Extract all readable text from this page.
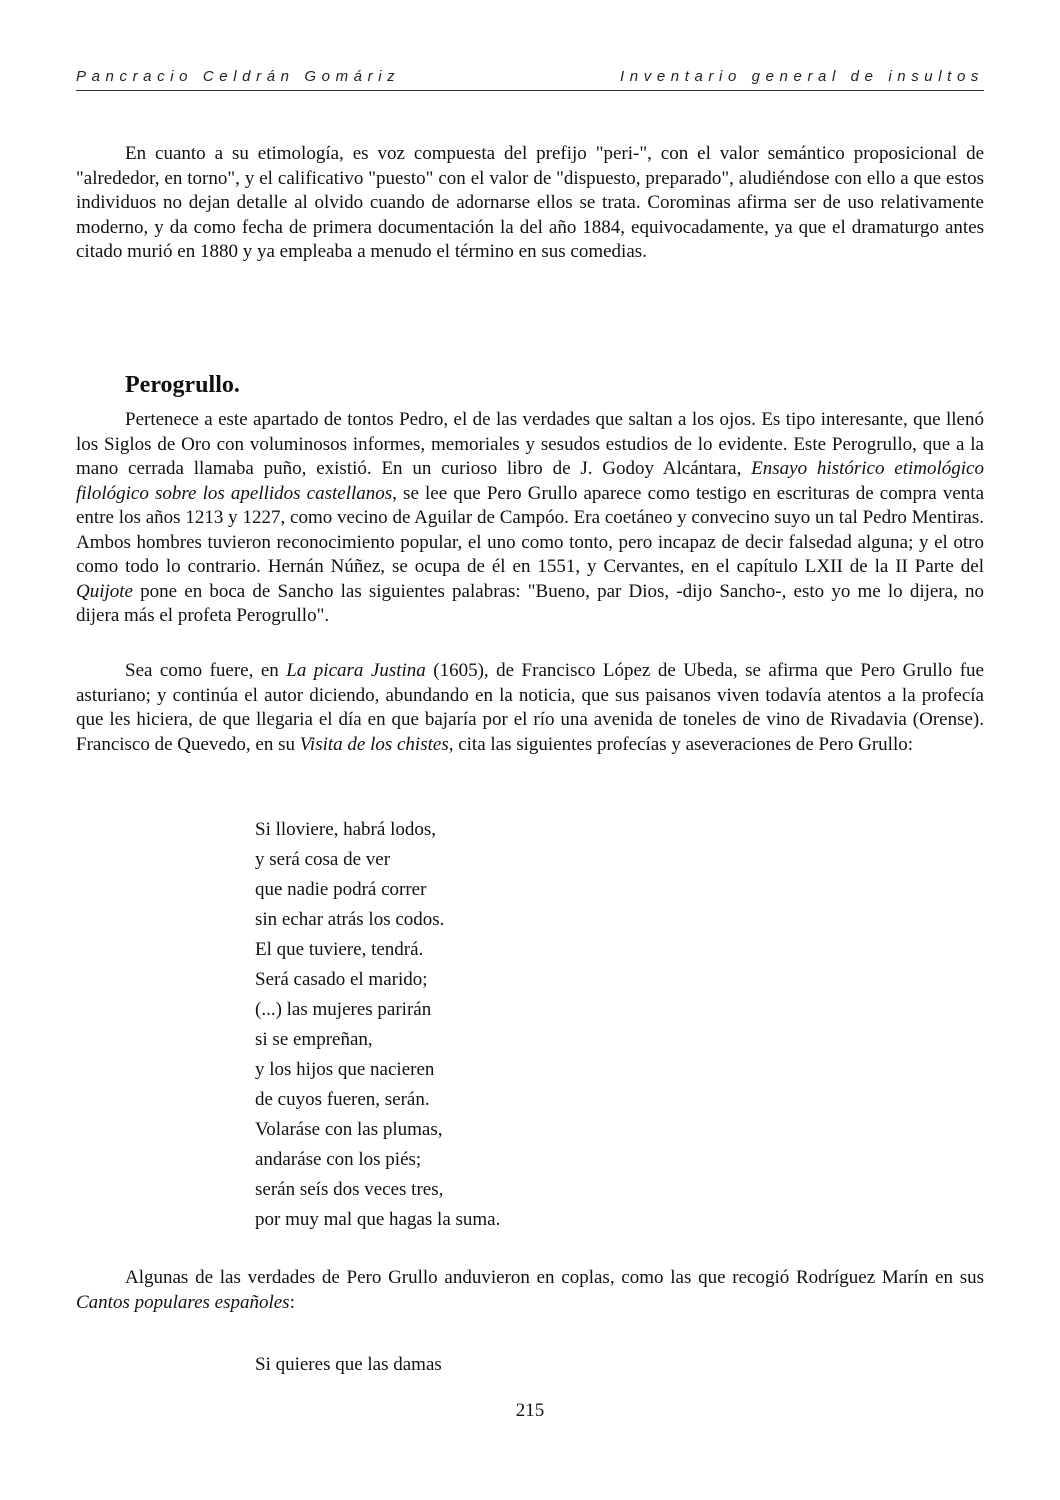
Pancracio Celdrán Gomáriz	Inventario general de insultos

En cuanto a su etimología, es voz compuesta del prefijo "peri-", con el valor semántico proposicional de "alrededor, en torno", y el calificativo "puesto" con el valor de "dispuesto, preparado", aludiéndose con ello a que estos individuos no dejan detalle al olvido cuando de adornarse ellos se trata. Corominas afirma ser de uso relativamente moderno, y da como fecha de primera documentación la del año 1884, equivocadamente, ya que el dramaturgo antes citado murió en 1880 y ya empleaba a menudo el término en sus comedias.

Perogrullo.

Pertenece a este apartado de tontos Pedro, el de las verdades que saltan a los ojos. Es tipo interesante, que llenó los Siglos de Oro con voluminosos informes, memoriales y sesudos estudios de lo evidente. Este Perogrullo, que a la mano cerrada llamaba puño, existió. En un curioso libro de J. Godoy Alcántara, Ensayo histórico etimológico filológico sobre los apellidos castellanos, se lee que Pero Grullo aparece como testigo en escrituras de compra venta entre los años 1213 y 1227, como vecino de Aguilar de Campóo. Era coetáneo y convecino suyo un tal Pedro Mentiras. Ambos hombres tuvieron reconocimiento popular, el uno como tonto, pero incapaz de decir falsedad alguna; y el otro como todo lo contrario. Hernán Núñez, se ocupa de él en 1551, y Cervantes, en el capítulo LXII de la II Parte del Quijote pone en boca de Sancho las siguientes palabras: "Bueno, par Dios, -dijo Sancho-, esto yo me lo dijera, no dijera más el profeta Perogrullo".

Sea como fuere, en La picara Justina (1605), de Francisco López de Ubeda, se afirma que Pero Grullo fue asturiano; y continúa el autor diciendo, abundando en la noticia, que sus paisanos viven todavía atentos a la profecía que les hiciera, de que llegaria el día en que bajaría por el río una avenida de toneles de vino de Rivadavia (Orense). Francisco de Quevedo, en su Visita de los chistes, cita las siguientes profecías y aseveraciones de Pero Grullo:

Si lloviere, habrá lodos,
y será cosa de ver
que nadie podrá correr
sin echar atrás los codos.
El que tuviere, tendrá.
Será casado el marido;
(...) las mujeres parirán
si se empreñan,
y los hijos que nacieren
de cuyos fueren, serán.
Volaráse con las plumas,
andaráse con los piés;
serán seís dos veces tres,
por muy mal que hagas la suma.

Algunas de las verdades de Pero Grullo anduvieron en coplas, como las que recogió Rodríguez Marín en sus Cantos populares españoles:

Si quieres que las damas
215
